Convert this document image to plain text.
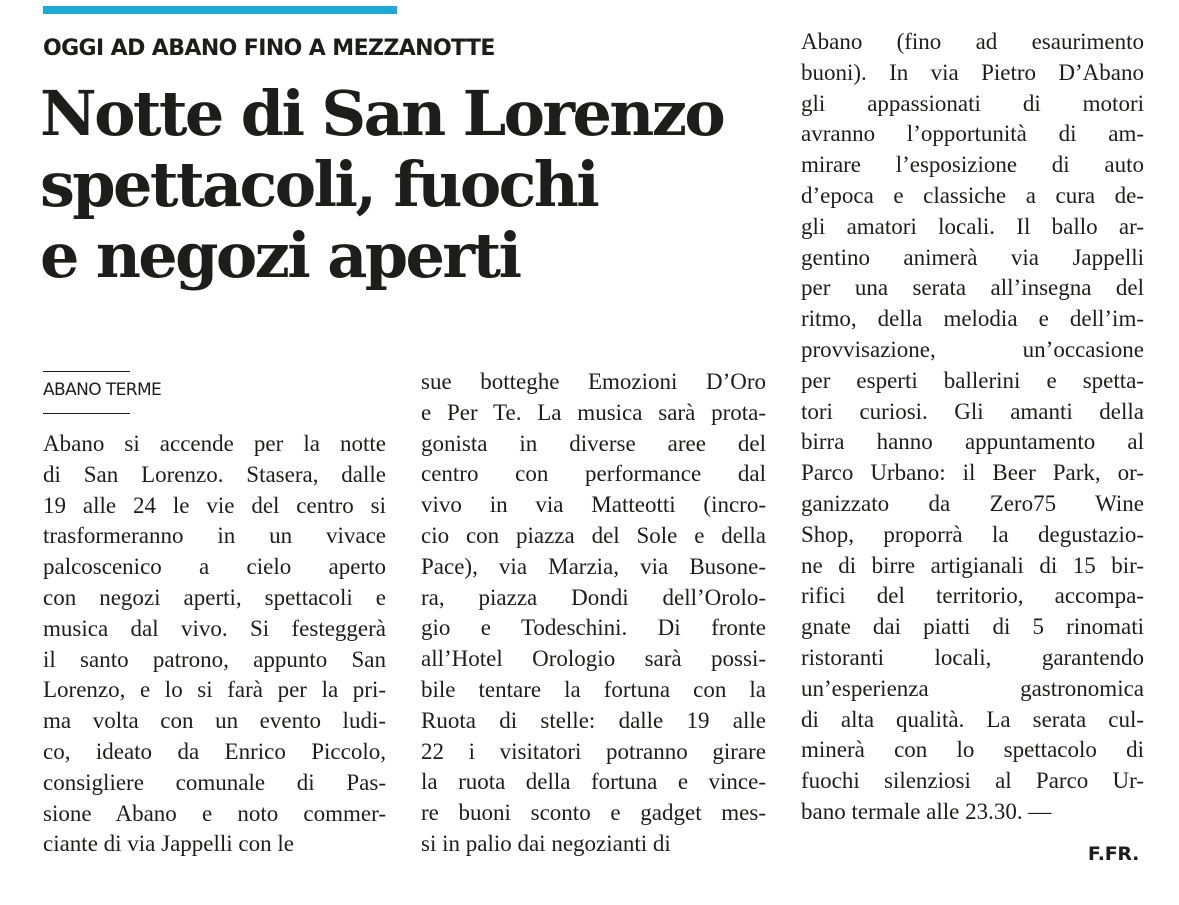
OGGI AD ABANO FINO A MEZZANOTTE
Notte di San Lorenzo
spettacoli, fuochi
e negozi aperti
ABANO TERME
Abano si accende per la notte
di San Lorenzo. Stasera, dalle
19 alle 24 le vie del centro si
trasformeranno in un vivace
palcoscenico a cielo aperto
con negozi aperti, spettacoli e
musica dal vivo. Si festeggerà
il santo patrono, appunto San
Lorenzo, e lo si farà per la pri-
ma volta con un evento ludi-
co, ideato da Enrico Piccolo,
consigliere comunale di Pas-
sione Abano e noto commer-
ciante di via Jappelli con le
sue botteghe Emozioni D’Oro
e Per Te. La musica sarà prota-
gonista in diverse aree del
centro con performance dal
vivo in via Matteotti (incro-
cio con piazza del Sole e della
Pace), via Marzia, via Busone-
ra, piazza Dondi dell’Orolo-
gio e Todeschini. Di fronte
all’Hotel Orologio sarà possi-
bile tentare la fortuna con la
Ruota di stelle: dalle 19 alle
22 i visitatori potranno girare
la ruota della fortuna e vince-
re buoni sconto e gadget mes-
si in palio dai negozianti di
Abano (fino ad esaurimento
buoni). In via Pietro D’Abano
gli appassionati di motori
avranno l’opportunità di am-
mirare l’esposizione di auto
d’epoca e classiche a cura de-
gli amatori locali. Il ballo ar-
gentino animerà via Jappelli
per una serata all’insegna del
ritmo, della melodia e dell’im-
provvisazione, un’occasione
per esperti ballerini e spetta-
tori curiosi. Gli amanti della
birra hanno appuntamento al
Parco Urbano: il Beer Park, or-
ganizzato da Zero75 Wine
Shop, proporrà la degustazio-
ne di birre artigianali di 15 bir-
rifici del territorio, accompa-
gnate dai piatti di 5 rinomati
ristoranti locali, garantendo
un’esperienza gastronomica
di alta qualità. La serata cul-
minerà con lo spettacolo di
fuochi silenziosi al Parco Ur-
bano termale alle 23.30. —
F.FR.
